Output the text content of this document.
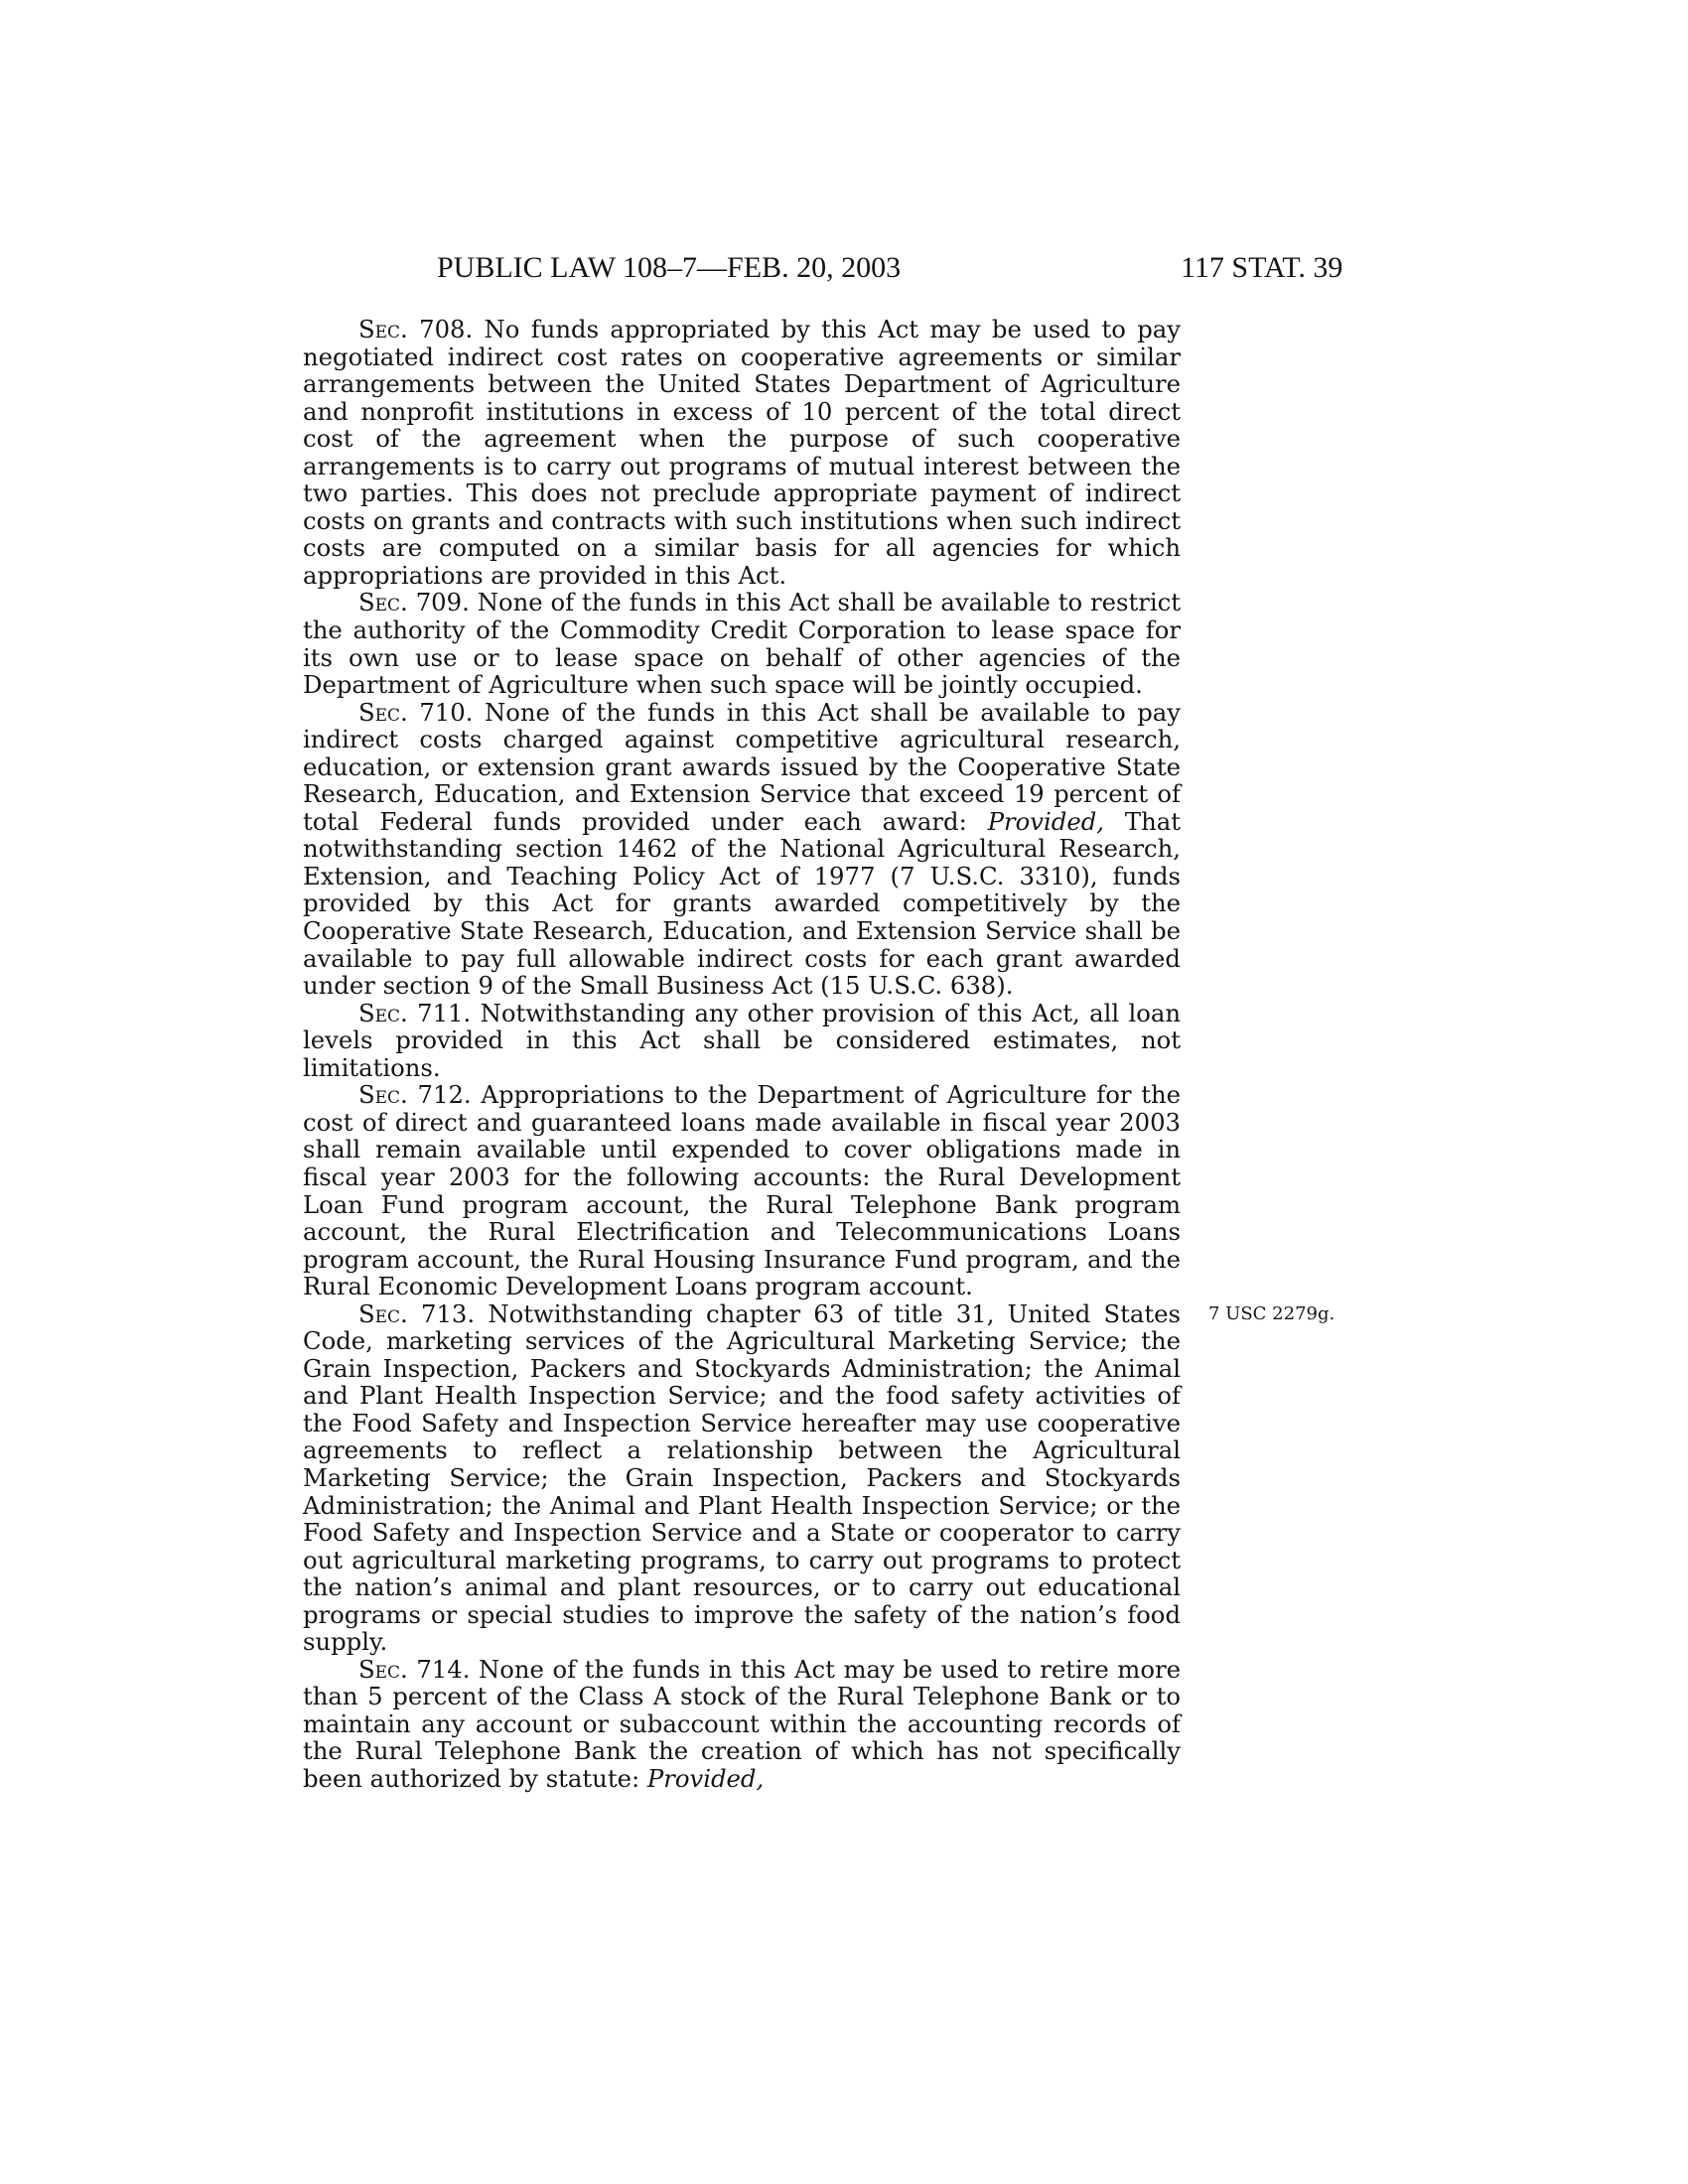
PUBLIC LAW 108–7—FEB. 20, 2003	117 STAT. 39

Sec. 708. No funds appropriated by this Act may be used to pay negotiated indirect cost rates on cooperative agreements or similar arrangements between the United States Department of Agriculture and nonprofit institutions in excess of 10 percent of the total direct cost of the agreement when the purpose of such cooperative arrangements is to carry out programs of mutual interest between the two parties. This does not preclude appropriate payment of indirect costs on grants and contracts with such institutions when such indirect costs are computed on a similar basis for all agencies for which appropriations are provided in this Act.

Sec. 709. None of the funds in this Act shall be available to restrict the authority of the Commodity Credit Corporation to lease space for its own use or to lease space on behalf of other agencies of the Department of Agriculture when such space will be jointly occupied.

Sec. 710. None of the funds in this Act shall be available to pay indirect costs charged against competitive agricultural research, education, or extension grant awards issued by the Cooperative State Research, Education, and Extension Service that exceed 19 percent of total Federal funds provided under each award: Provided, That notwithstanding section 1462 of the National Agricultural Research, Extension, and Teaching Policy Act of 1977 (7 U.S.C. 3310), funds provided by this Act for grants awarded competitively by the Cooperative State Research, Education, and Extension Service shall be available to pay full allowable indirect costs for each grant awarded under section 9 of the Small Business Act (15 U.S.C. 638).

Sec. 711. Notwithstanding any other provision of this Act, all loan levels provided in this Act shall be considered estimates, not limitations.

Sec. 712. Appropriations to the Department of Agriculture for the cost of direct and guaranteed loans made available in fiscal year 2003 shall remain available until expended to cover obligations made in fiscal year 2003 for the following accounts: the Rural Development Loan Fund program account, the Rural Telephone Bank program account, the Rural Electrification and Telecommunications Loans program account, the Rural Housing Insurance Fund program, and the Rural Economic Development Loans program account.

7 USC 2279g.
Sec. 713. Notwithstanding chapter 63 of title 31, United States Code, marketing services of the Agricultural Marketing Service; the Grain Inspection, Packers and Stockyards Administration; the Animal and Plant Health Inspection Service; and the food safety activities of the Food Safety and Inspection Service hereafter may use cooperative agreements to reflect a relationship between the Agricultural Marketing Service; the Grain Inspection, Packers and Stockyards Administration; the Animal and Plant Health Inspection Service; or the Food Safety and Inspection Service and a State or cooperator to carry out agricultural marketing programs, to carry out programs to protect the nation’s animal and plant resources, or to carry out educational programs or special studies to improve the safety of the nation’s food supply.

Sec. 714. None of the funds in this Act may be used to retire more than 5 percent of the Class A stock of the Rural Telephone Bank or to maintain any account or subaccount within the accounting records of the Rural Telephone Bank the creation of which has not specifically been authorized by statute: Provided,
